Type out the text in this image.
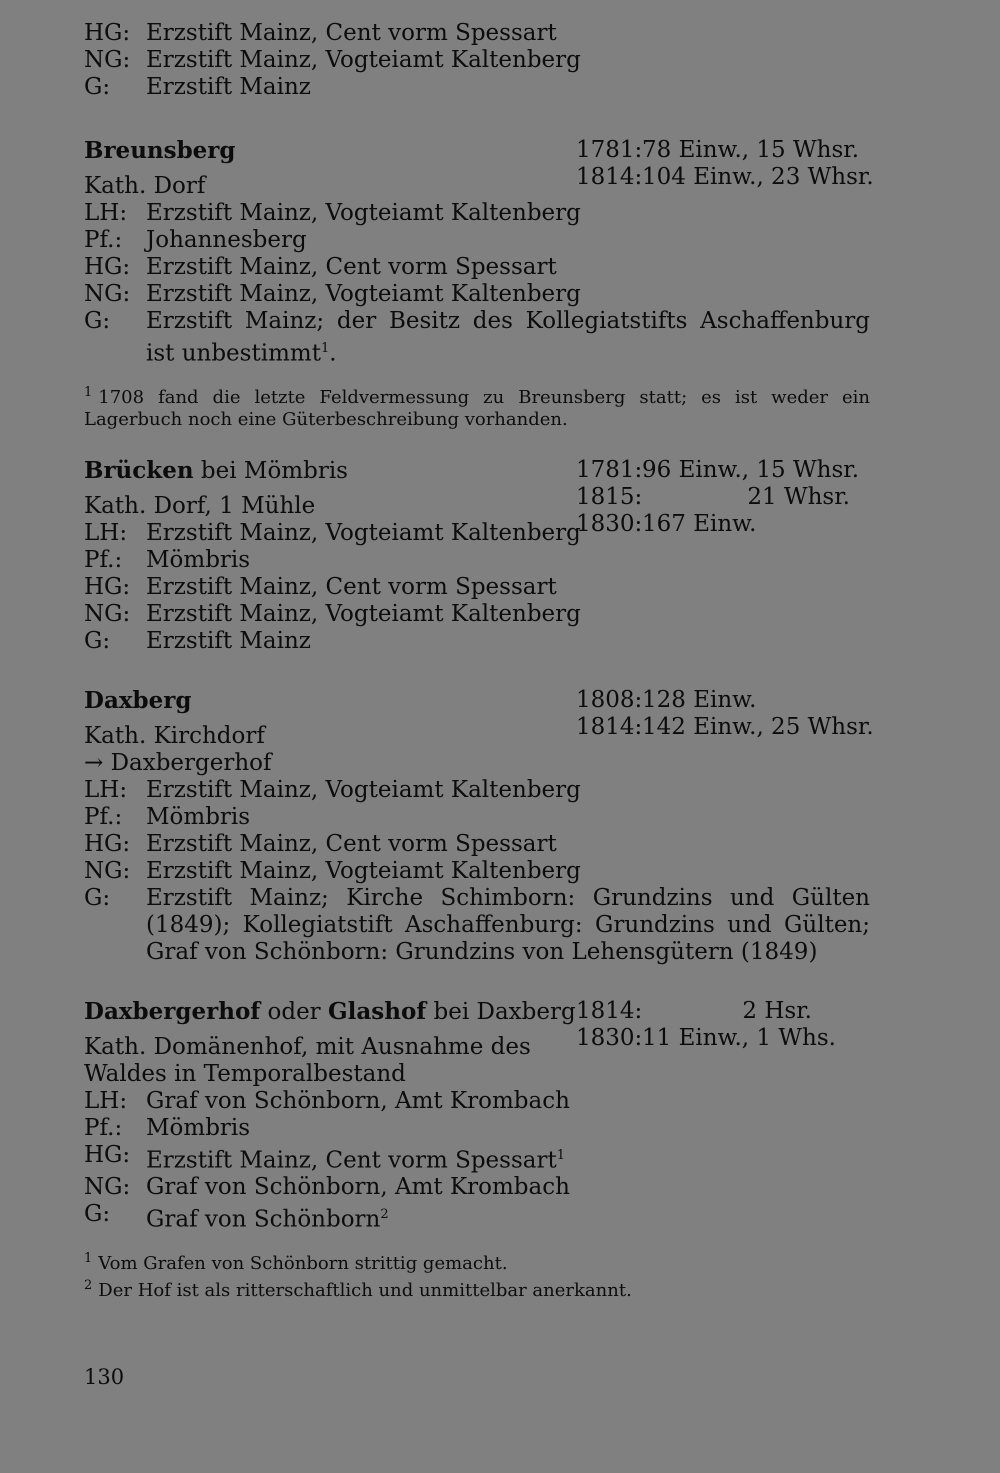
HG: Erzstift Mainz, Cent vorm Spessart
NG: Erzstift Mainz, Vogteiamt Kaltenberg
G:	Erzstift Mainz
Breunsberg	1781: 78 Einw., 15 Whsr.
1814: 104 Einw., 23 Whsr.
Kath. Dorf
LH: Erzstift Mainz, Vogteiamt Kaltenberg
Pf.:	Johannesberg
HG: Erzstift Mainz, Cent vorm Spessart
NG: Erzstift Mainz, Vogteiamt Kaltenberg
G:	Erzstift Mainz; der Besitz des Kollegiatstifts Aschaffenburg ist unbestimmt$^1$.
$^1$ 1708 fand die letzte Feldvermessung zu Breunsberg statt; es ist weder ein Lagerbuch noch eine Güterbeschreibung vorhanden.
Brücken bei Mömbris	1781: 96 Einw., 15 Whsr.
1815:	21 Whsr.
1830: 167 Einw.
Kath. Dorf, 1 Mühle
LH: Erzstift Mainz, Vogteiamt Kaltenberg
Pf.:	Mömbris
HG: Erzstift Mainz, Cent vorm Spessart
NG: Erzstift Mainz, Vogteiamt Kaltenberg
G:	Erzstift Mainz
Daxberg	1808: 128 Einw.
1814: 142 Einw., 25 Whsr.
Kath. Kirchdorf
→ Daxbergerhof
LH: Erzstift Mainz, Vogteiamt Kaltenberg
Pf.:	Mömbris
HG: Erzstift Mainz, Cent vorm Spessart
NG: Erzstift Mainz, Vogteiamt Kaltenberg
G:	Erzstift Mainz; Kirche Schimborn: Grundzins und Gülten (1849); Kollegiatstift Aschaffenburg: Grundzins und Gülten; Graf von Schönborn: Grundzins von Lehensgütern (1849)
Daxbergerhof oder Glashof bei Daxberg 1814:	2 Hsr.
1830: 11 Einw., 1 Whs.
Kath. Domänenhof, mit Ausnahme des
Waldes in Temporalbestand
LH: Graf von Schönborn, Amt Krombach
Pf.:	Mömbris
HG: Erzstift Mainz, Cent vorm Spessart$^1$
NG: Graf von Schönborn, Amt Krombach
G:	Graf von Schönborn$^2$
$^1$ Vom Grafen von Schönborn strittig gemacht.
$^2$ Der Hof ist als ritterschaftlich und unmittelbar anerkannt.
130
